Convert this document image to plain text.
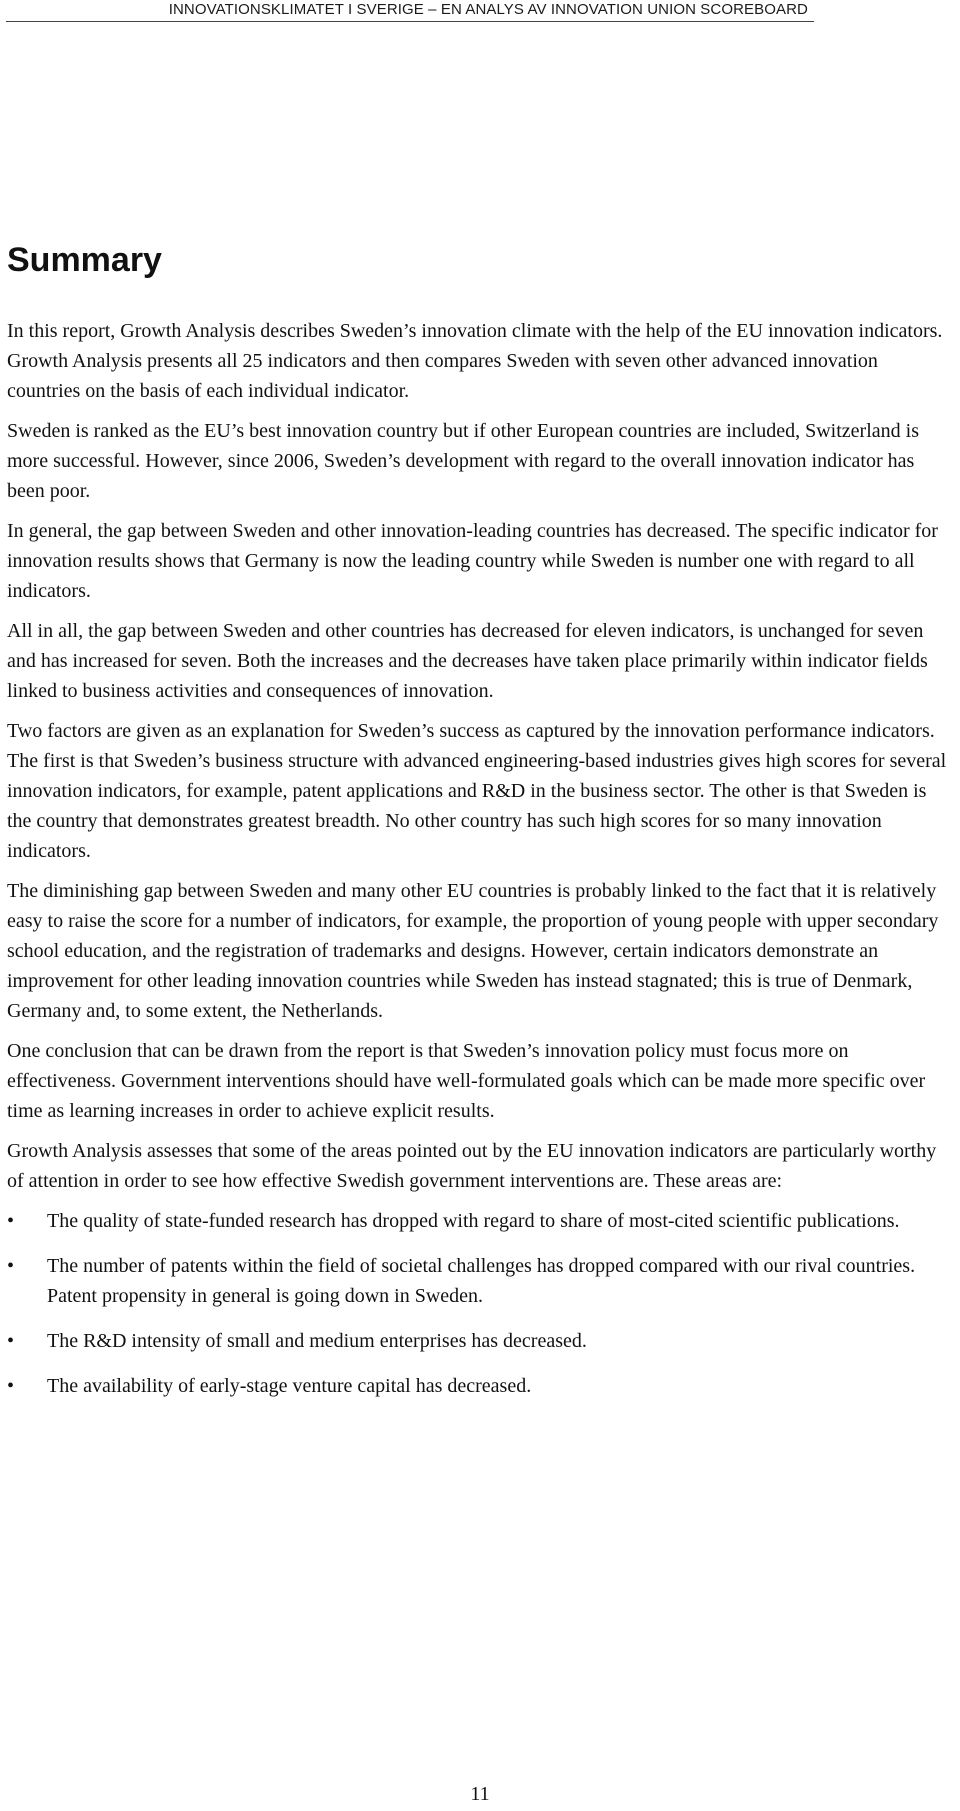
INNOVATIONSKLIMATET I SVERIGE – EN ANALYS AV INNOVATION UNION SCOREBOARD
Summary

In this report, Growth Analysis describes Sweden’s innovation climate with the help of the EU innovation indicators. Growth Analysis presents all 25 indicators and then compares Sweden with seven other advanced innovation countries on the basis of each individual indicator.

Sweden is ranked as the EU’s best innovation country but if other European countries are included, Switzerland is more successful. However, since 2006, Sweden’s development with regard to the overall innovation indicator has been poor.

In general, the gap between Sweden and other innovation-leading countries has decreased. The specific indicator for innovation results shows that Germany is now the leading country while Sweden is number one with regard to all indicators.

All in all, the gap between Sweden and other countries has decreased for eleven indicators, is unchanged for seven and has increased for seven. Both the increases and the decreases have taken place primarily within indicator fields linked to business activities and consequences of innovation.

Two factors are given as an explanation for Sweden’s success as captured by the innovation performance indicators. The first is that Sweden’s business structure with advanced engineering-based industries gives high scores for several innovation indicators, for example, patent applications and R&D in the business sector. The other is that Sweden is the country that demonstrates greatest breadth. No other country has such high scores for so many innovation indicators.

The diminishing gap between Sweden and many other EU countries is probably linked to the fact that it is relatively easy to raise the score for a number of indicators, for example, the proportion of young people with upper secondary school education, and the registration of trademarks and designs. However, certain indicators demonstrate an improvement for other leading innovation countries while Sweden has instead stagnated; this is true of Denmark, Germany and, to some extent, the Netherlands.

One conclusion that can be drawn from the report is that Sweden’s innovation policy must focus more on effectiveness. Government interventions should have well-formulated goals which can be made more specific over time as learning increases in order to achieve explicit results.

Growth Analysis assesses that some of the areas pointed out by the EU innovation indicators are particularly worthy of attention in order to see how effective Swedish government interventions are. These areas are:

• The quality of state-funded research has dropped with regard to share of most-cited scientific publications.
• The number of patents within the field of societal challenges has dropped compared with our rival countries. Patent propensity in general is going down in Sweden.
• The R&D intensity of small and medium enterprises has decreased.
• The availability of early-stage venture capital has decreased.
11
